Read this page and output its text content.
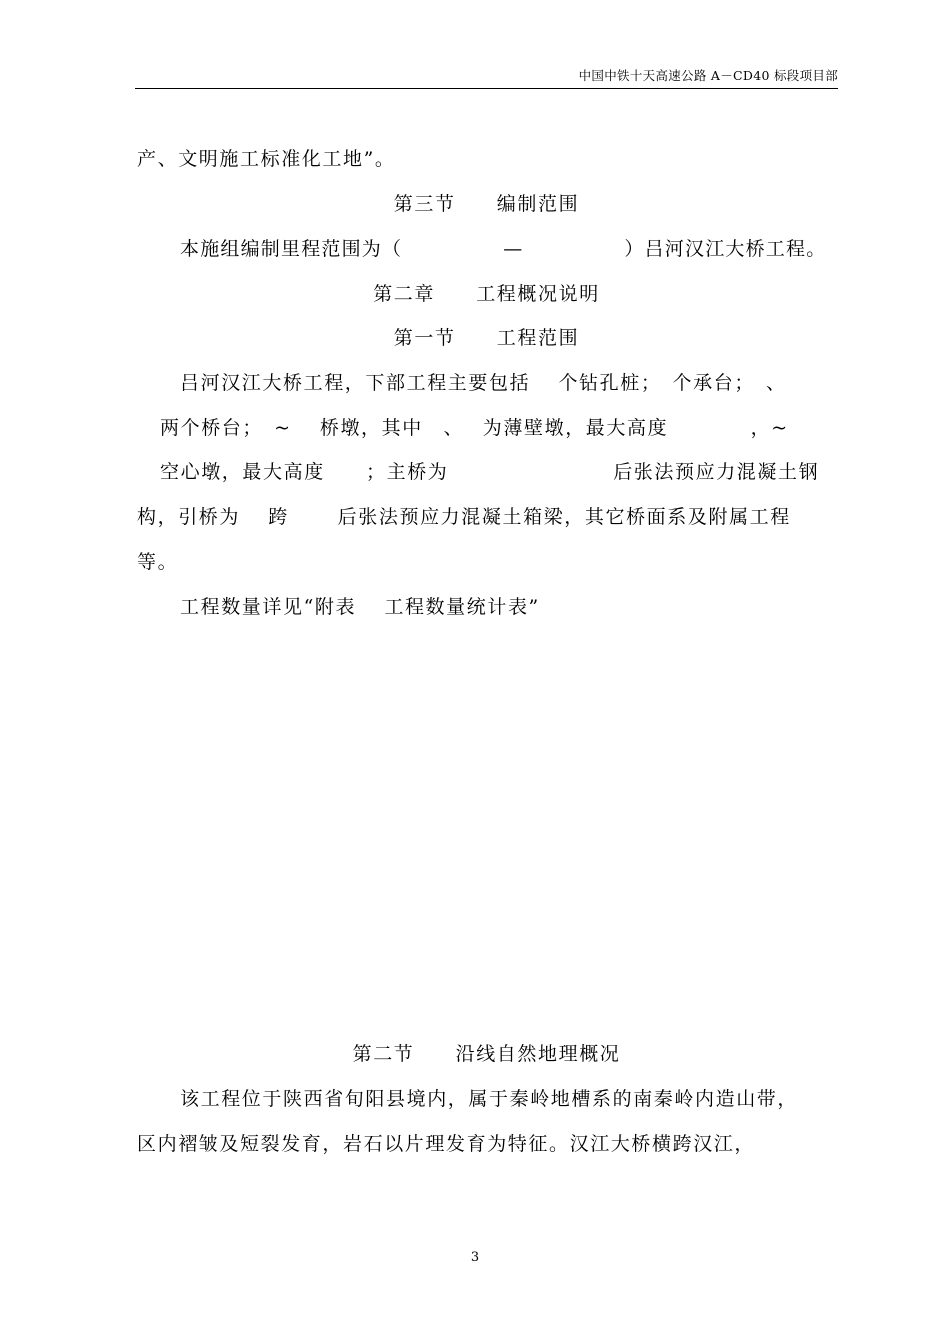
中国中铁十天高速公路 A－CD40 标段项目部
产、文明施工标准化工地”。
第三节　　编制范围
本施组编制里程范围为（　　　　　—　　　　　）吕河汉江大桥工程。
第二章　　工程概况说明
第一节　　工程范围
吕河汉江大桥工程，下部工程主要包括　 个钻孔桩；　个承台；　、
两个桥台；　~　 桥墩，其中　、　 为薄壁墩，最大高度　　　　，~
空心墩，最大高度　　；主桥为　　　　　　　　后张法预应力混凝土钢
构，引桥为　 跨　　 后张法预应力混凝土箱梁，其它桥面系及附属工程
等。
工程数量详见“附表　 工程数量统计表”
第二节　　沿线自然地理概况
该工程位于陕西省旬阳县境内，属于秦岭地槽系的南秦岭内造山带，
区内褶皱及短裂发育，岩石以片理发育为特征。汉江大桥横跨汉江，
3
